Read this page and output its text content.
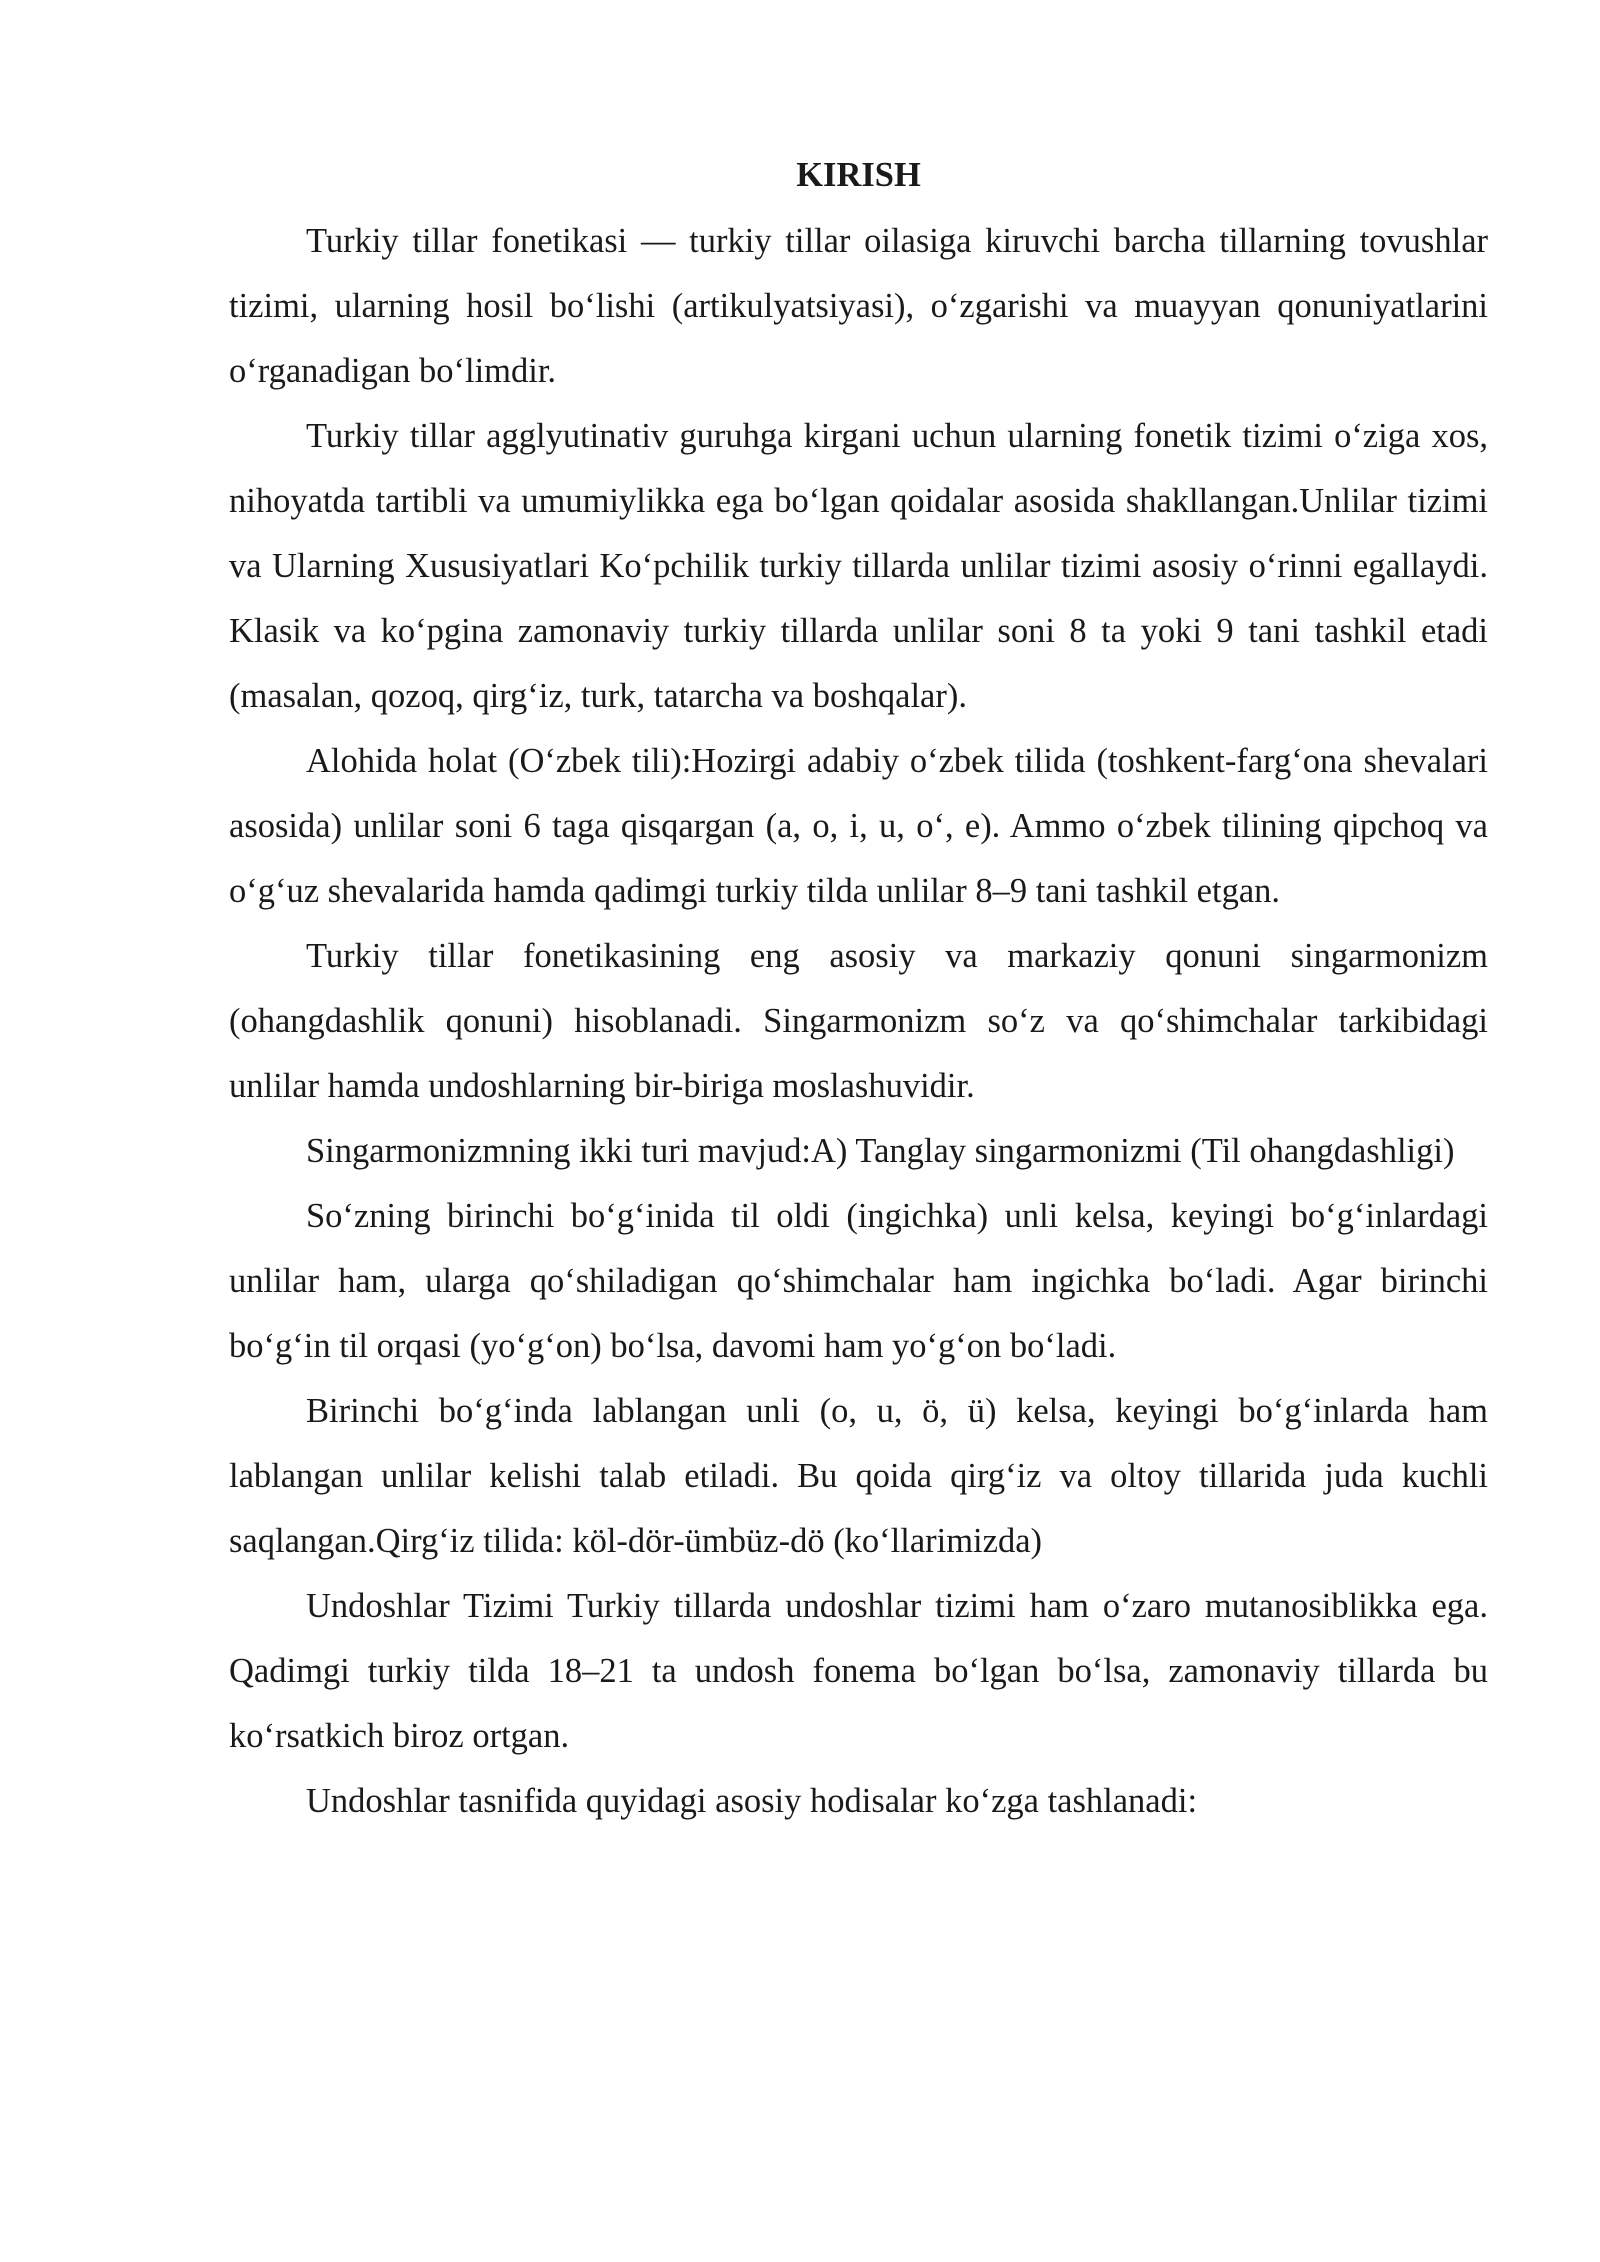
KIRISH

Turkiy tillar fonetikasi — turkiy tillar oilasiga kiruvchi barcha tillarning tovushlar tizimi, ularning hosil boʻlishi (artikulyatsiyasi), oʻzgarishi va muayyan qonuniyatlarini oʻrganadigan boʻlimdir.

Turkiy tillar agglyutinativ guruhga kirgani uchun ularning fonetik tizimi oʻziga xos, nihoyatda tartibli va umumiylikka ega boʻlgan qoidalar asosida shakllangan.Unlilar tizimi va Ularning Xususiyatlari Koʻpchilik turkiy tillarda unlilar tizimi asosiy oʻrinni egallaydi. Klasik va koʻpgina zamonaviy turkiy tillarda unlilar soni 8 ta yoki 9 tani tashkil etadi (masalan, qozoq, qirgʻiz, turk, tatarcha va boshqalar).

Alohida holat (Oʻzbek tili):Hozirgi adabiy oʻzbek tilida (toshkent-fargʻona shevalari asosida) unlilar soni 6 taga qisqargan (a, o, i, u, oʻ, e). Ammo oʻzbek tilining qipchoq va oʻgʻuz shevalarida hamda qadimgi turkiy tilda unlilar 8–9 tani tashkil etgan.

Turkiy tillar fonetikasining eng asosiy va markaziy qonuni singarmonizm (ohangdashlik qonuni) hisoblanadi. Singarmonizm soʻz va qoʻshimchalar tarkibidagi unlilar hamda undoshlarning bir-biriga moslashuvidir.

Singarmonizmning ikki turi mavjud:A) Tanglay singarmonizmi (Til ohangdashligi)

Soʻzning birinchi boʻgʻinida til oldi (ingichka) unli kelsa, keyingi boʻgʻinlardagi unlilar ham, ularga qoʻshiladigan qoʻshimchalar ham ingichka boʻladi. Agar birinchi boʻgʻin til orqasi (yoʻgʻon) boʻlsa, davomi ham yoʻgʻon boʻladi.

Birinchi boʻgʻinda lablangan unli (o, u, ö, ü) kelsa, keyingi boʻgʻinlarda ham lablangan unlilar kelishi talab etiladi. Bu qoida qirgʻiz va oltoy tillarida juda kuchli saqlangan.Qirgʻiz tilida: köl-dör-ümbüz-dö (koʻllarimizda)

Undoshlar Tizimi Turkiy tillarda undoshlar tizimi ham oʻzaro mutanosiblikka ega. Qadimgi turkiy tilda 18–21 ta undosh fonema boʻlgan boʻlsa, zamonaviy tillarda bu koʻrsatkich biroz ortgan.

Undoshlar tasnifida quyidagi asosiy hodisalar koʻzga tashlanadi:
